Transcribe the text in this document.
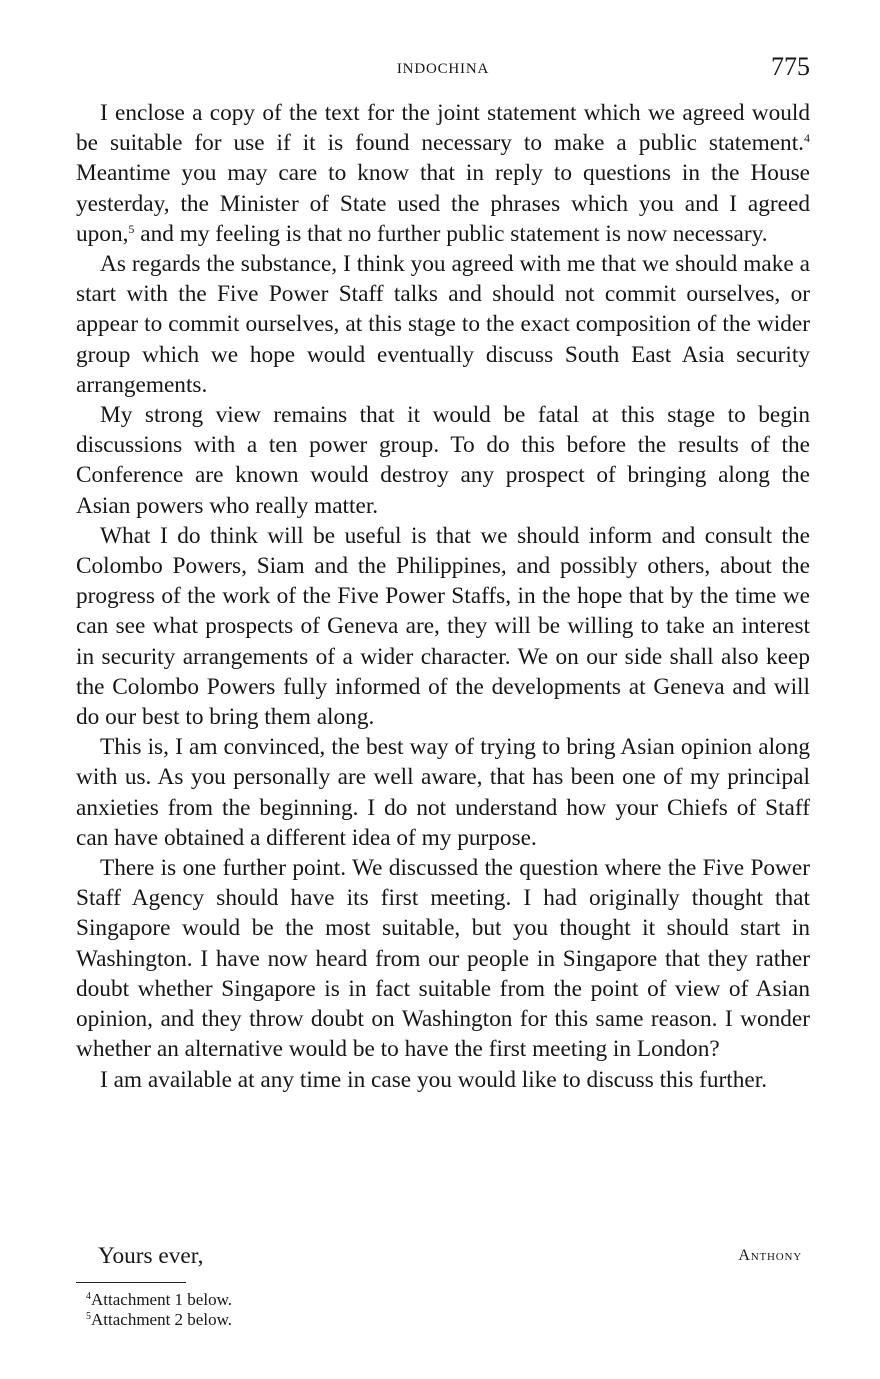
INDOCHINA	775

I enclose a copy of the text for the joint statement which we agreed would be suitable for use if it is found necessary to make a public statement.$^4$ Meantime you may care to know that in reply to questions in the House yesterday, the Minister of State used the phrases which you and I agreed upon,$^5$ and my feeling is that no further public statement is now necessary.

As regards the substance, I think you agreed with me that we should make a start with the Five Power Staff talks and should not commit ourselves, or appear to commit ourselves, at this stage to the exact composition of the wider group which we hope would eventually discuss South East Asia security arrangements.

My strong view remains that it would be fatal at this stage to begin discussions with a ten power group. To do this before the results of the Conference are known would destroy any prospect of bringing along the Asian powers who really matter.

What I do think will be useful is that we should inform and consult the Colombo Powers, Siam and the Philippines, and possibly others, about the progress of the work of the Five Power Staffs, in the hope that by the time we can see what prospects of Geneva are, they will be willing to take an interest in security arrangements of a wider character. We on our side shall also keep the Colombo Powers fully informed of the developments at Geneva and will do our best to bring them along.

This is, I am convinced, the best way of trying to bring Asian opinion along with us. As you personally are well aware, that has been one of my principal anxieties from the beginning. I do not understand how your Chiefs of Staff can have obtained a different idea of my purpose.

There is one further point. We discussed the question where the Five Power Staff Agency should have its first meeting. I had originally thought that Singapore would be the most suitable, but you thought it should start in Washington. I have now heard from our people in Singapore that they rather doubt whether Singapore is in fact suitable from the point of view of Asian opinion, and they throw doubt on Washington for this same reason. I wonder whether an alternative would be to have the first meeting in London?

I am available at any time in case you would like to discuss this further.

Yours ever,	Anthony
$^4$Attachment 1 below.
$^5$Attachment 2 below.
